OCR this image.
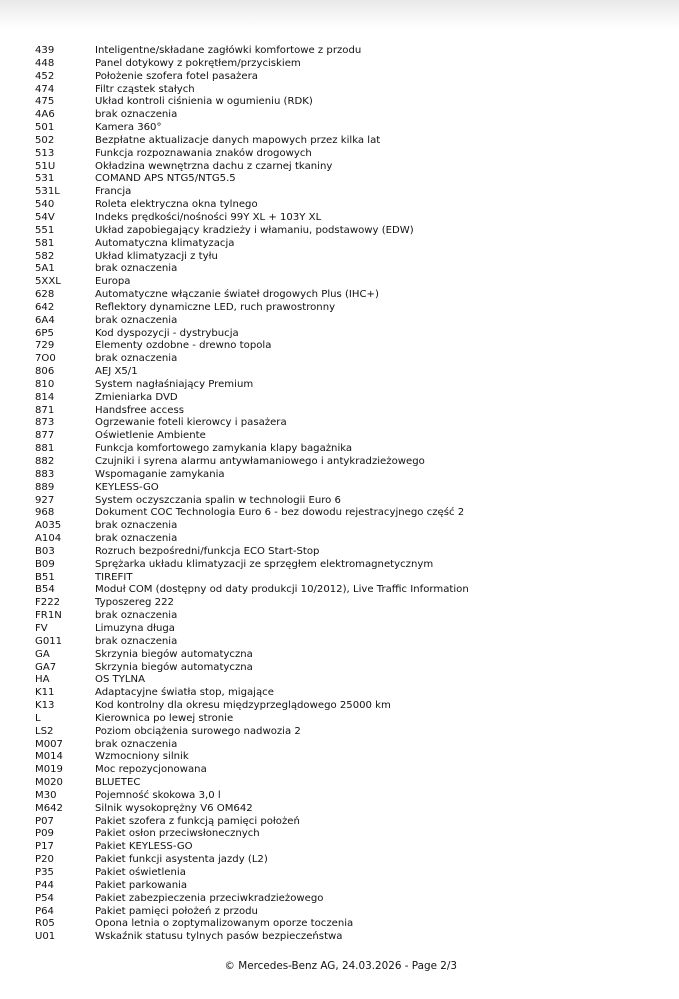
439	Inteligentne/składane zagłówki komfortowe z przodu
448	Panel dotykowy z pokrętłem/przyciskiem
452	Położenie szofera fotel pasażera
474	Filtr cząstek stałych
475	Układ kontroli ciśnienia w ogumieniu (RDK)
4A6	brak oznaczenia
501	Kamera 360°
502	Bezpłatne aktualizacje danych mapowych przez kilka lat
513	Funkcja rozpoznawania znaków drogowych
51U	Okładzina wewnętrzna dachu z czarnej tkaniny
531	COMAND APS NTG5/NTG5.5
531L	Francja
540	Roleta elektryczna okna tylnego
54V	Indeks prędkości/nośności 99Y XL + 103Y XL
551	Układ zapobiegający kradzieży i włamaniu, podstawowy (EDW)
581	Automatyczna klimatyzacja
582	Układ klimatyzacji z tyłu
5A1	brak oznaczenia
5XXL	Europa
628	Automatyczne włączanie świateł drogowych Plus (IHC+)
642	Reflektory dynamiczne LED, ruch prawostronny
6A4	brak oznaczenia
6P5	Kod dyspozycji - dystrybucja
729	Elementy ozdobne - drewno topola
7O0	brak oznaczenia
806	AEJ X5/1
810	System nagłaśniający Premium
814	Zmieniarka DVD
871	Handsfree access
873	Ogrzewanie foteli kierowcy i pasażera
877	Oświetlenie Ambiente
881	Funkcja komfortowego zamykania klapy bagażnika
882	Czujniki i syrena alarmu antywłamaniowego i antykradzieżowego
883	Wspomaganie zamykania
889	KEYLESS-GO
927	System oczyszczania spalin w technologii Euro 6
968	Dokument COC Technologia Euro 6 - bez dowodu rejestracyjnego część 2
A035	brak oznaczenia
A104	brak oznaczenia
B03	Rozruch bezpośredni/funkcja ECO Start-Stop
B09	Sprężarka układu klimatyzacji ze sprzęgłem elektromagnetycznym
B51	TIREFIT
B54	Moduł COM (dostępny od daty produkcji 10/2012), Live Traffic Information
F222	Typoszereg 222
FR1N	brak oznaczenia
FV	Limuzyna długa
G011	brak oznaczenia
GA	Skrzynia biegów automatyczna
GA7	Skrzynia biegów automatyczna
HA	OŚ TYLNA
K11	Adaptacyjne światła stop, migające
K13	Kod kontrolny dla okresu międzyprzeglądowego 25000 km
L	Kierownica po lewej stronie
LS2	Poziom obciążenia surowego nadwozia 2
M007	brak oznaczenia
M014	Wzmocniony silnik
M019	Moc repozycjonowana
M020	BLUETEC
M30	Pojemność skokowa 3,0 l
M642	Silnik wysokoprężny V6 OM642
P07	Pakiet szofera z funkcją pamięci położeń
P09	Pakiet osłon przeciwsłonecznych
P17	Pakiet KEYLESS-GO
P20	Pakiet funkcji asystenta jazdy (L2)
P35	Pakiet oświetlenia
P44	Pakiet parkowania
P54	Pakiet zabezpieczenia przeciwkradzieżowego
P64	Pakiet pamięci położeń z przodu
R05	Opona letnia o zoptymalizowanym oporze toczenia
U01	Wskaźnik statusu tylnych pasów bezpieczeństwa
© Mercedes-Benz AG, 24.03.2026 - Page 2/3
